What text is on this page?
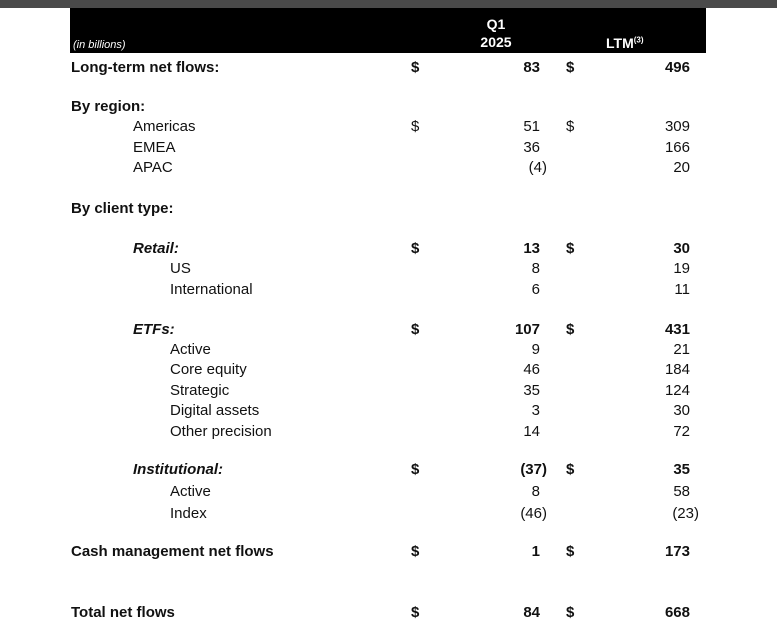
(in billions)
Q1
2025	LTM$^{(3)}$
Long-term net flows:	$	83 $	496
By region:
Americas	$	51 $	309
EMEA	36	166
APAC	(4)	20
By client type:
Retail:	$	13 $	30
US	8	19
International	6	11
ETFs:	$	107 $	431
Active	9	21
Core equity	46	184
Strategic	35	124
Digital assets	3	30
Other precision	14	72
Institutional:	$	(37) $	35
Active	8	58
Index	(46)	(23)
Cash management net flows	$	1 $	173
Total net flows	$	84 $	668
